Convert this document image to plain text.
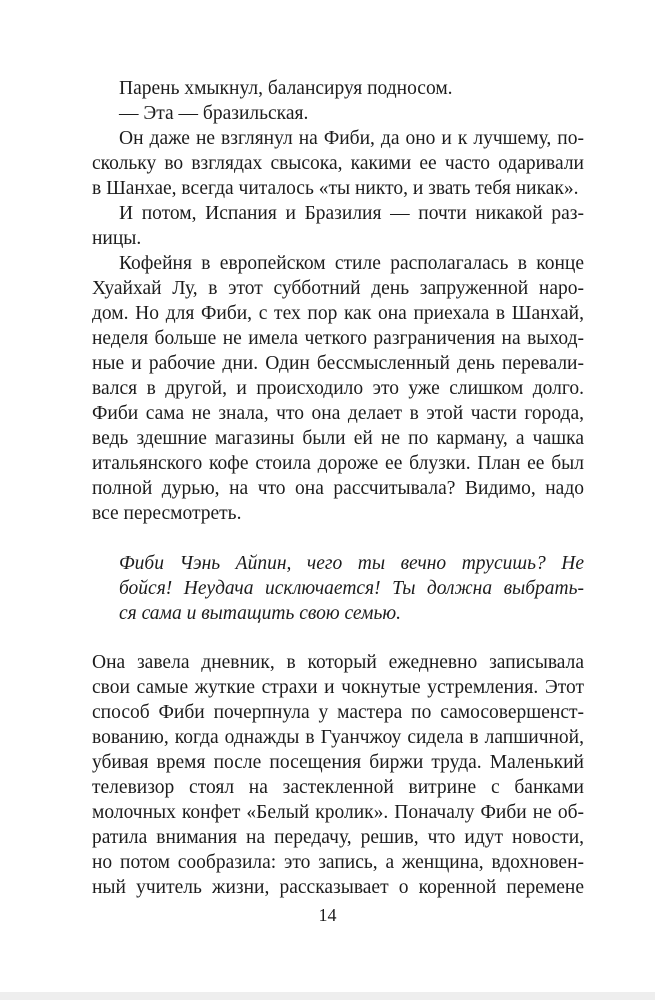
Парень хмыкнул, балансируя подносом.
— Эта — бразильская.
Он даже не взглянул на Фиби, да оно и к лучшему, по-
скольку во взглядах свысока, какими ее часто одаривали
в Шанхае, всегда читалось «ты никто, и звать тебя никак».
И потом, Испания и Бразилия — почти никакой раз-
ницы.
Кофейня в европейском стиле располагалась в конце
Хуайхай Лу, в этот субботний день запруженной наро-
дом. Но для Фиби, с тех пор как она приехала в Шанхай,
неделя больше не имела четкого разграничения на выход-
ные и рабочие дни. Один бессмысленный день перевали-
вался в другой, и происходило это уже слишком долго.
Фиби сама не знала, что она делает в этой части города,
ведь здешние магазины были ей не по карману, а чашка
итальянского кофе стоила дороже ее блузки. План ее был
полной дурью, на что она рассчитывала? Видимо, надо
все пересмотреть.
Фиби Чэнь Айпин, чего ты вечно трусишь? Не
бойся! Неудача исключается! Ты должна выбрать-
ся сама и вытащить свою семью.
Она завела дневник, в который ежедневно записывала
свои самые жуткие страхи и чокнутые устремления. Этот
способ Фиби почерпнула у мастера по самосовершенст-
вованию, когда однажды в Гуанчжоу сидела в лапшичной,
убивая время после посещения биржи труда. Маленький
телевизор стоял на застекленной витрине с банками
молочных конфет «Белый кролик». Поначалу Фиби не об-
ратила внимания на передачу, решив, что идут новости,
но потом сообразила: это запись, а женщина, вдохновен-
ный учитель жизни, рассказывает о коренной перемене
14
